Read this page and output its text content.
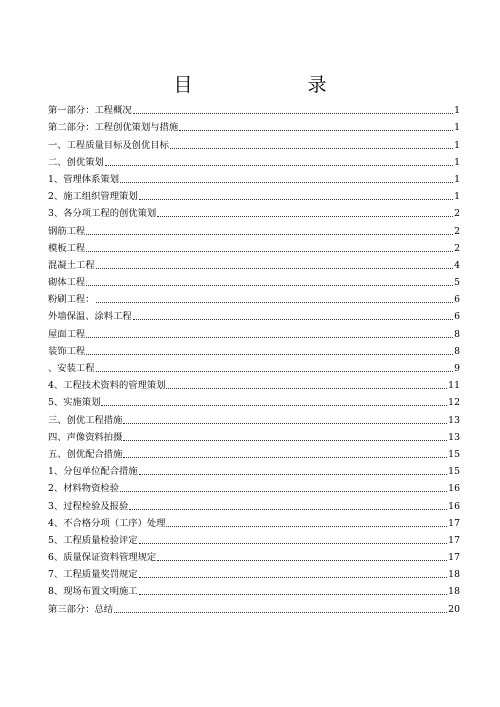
目　录
第一部分：工程概况	1
第二部分：工程创优策划与措施	1
一、工程质量目标及创优目标	1
二、创优策划	1
1、管理体系策划	1
2、施工组织管理策划	1
3、各分项工程的创优策划	2
钢筋工程	2
模板工程	2
混凝土工程	4
砌体工程	5
粉刷工程：	6
外墙保温、涂料工程	6
屋面工程	8
装饰工程	8
、安装工程	9
4、工程技术资料的管理策划	11
5、实施策划	12
三、创优工程措施	13
四、声像资料拍摄	13
五、创优配合措施	15
1、分包单位配合措施	15
2、材料物资检验	16
3、过程检验及报验	16
4、不合格分项（工序）处理	17
5、工程质量检验评定	17
6、质量保证资料管理规定	17
7、工程质量奖罚规定	18
8、现场布置文明施工	18
第三部分：总结	20
